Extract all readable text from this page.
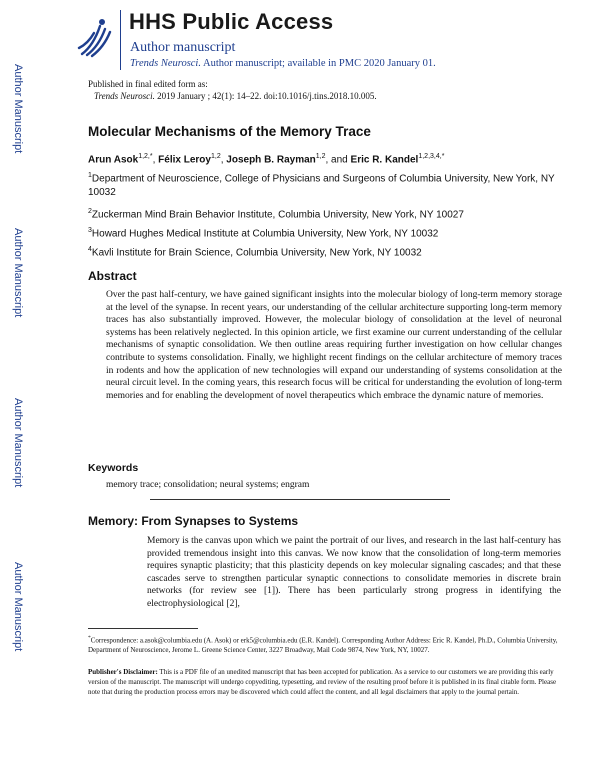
HHS Public Access
Author manuscript
Trends Neurosci. Author manuscript; available in PMC 2020 January 01.
Author Manuscript
Author Manuscript
Author Manuscript
Author Manuscript
Published in final edited form as:
Trends Neurosci. 2019 January ; 42(1): 14–22. doi:10.1016/j.tins.2018.10.005.
Molecular Mechanisms of the Memory Trace
Arun Asok$^{1,2,*}$, Félix Leroy$^{1,2}$, Joseph B. Rayman$^{1,2}$, and Eric R. Kandel$^{1,2,3,4,*}$

$^1$Department of Neuroscience, College of Physicians and Surgeons of Columbia University, New York, NY 10032

$^2$Zuckerman Mind Brain Behavior Institute, Columbia University, New York, NY 10027

$^3$Howard Hughes Medical Institute at Columbia University, New York, NY 10032

$^4$Kavli Institute for Brain Science, Columbia University, New York, NY 10032

Abstract

Over the past half-century, we have gained significant insights into the molecular biology of long-term memory storage at the level of the synapse. In recent years, our understanding of the cellular architecture supporting long-term memory traces has also substantially improved. However, the molecular biology of consolidation at the level of neuronal systems has been relatively neglected. In this opinion article, we first examine our current understanding of the cellular mechanisms of synaptic consolidation. We then outline areas requiring further investigation on how cellular changes contribute to systems consolidation. Finally, we highlight recent findings on the cellular architecture of memory traces in rodents and how the application of new technologies will expand our understanding of systems consolidation at the neural circuit level. In the coming years, this research focus will be critical for understanding the evolution of long-term memories and for enabling the development of novel therapeutics which embrace the dynamic nature of memories.

Keywords

memory trace; consolidation; neural systems; engram

Memory: From Synapses to Systems

Memory is the canvas upon which we paint the portrait of our lives, and research in the last half-century has provided tremendous insight into this canvas. We now know that the consolidation of long-term memories requires synaptic plasticity; that this plasticity depends on key molecular signaling cascades; and that these cascades serve to strengthen particular synaptic connections to consolidate memories in discrete brain networks (for review see [1]). There has been particularly strong progress in identifying the electrophysiological [2],

*Correspondence: a.asok@columbia.edu (A. Asok) or erk5@columbia.edu (E.R. Kandel). Corresponding Author Address: Eric R. Kandel, Ph.D., Columbia University, Department of Neuroscience, Jerome L. Greene Science Center, 3227 Broadway, Mail Code 9874, New York, NY, 10027.

Publisher's Disclaimer: This is a PDF file of an unedited manuscript that has been accepted for publication. As a service to our customers we are providing this early version of the manuscript. The manuscript will undergo copyediting, typesetting, and review of the resulting proof before it is published in its final citable form. Please note that during the production process errors may be discovered which could affect the content, and all legal disclaimers that apply to the journal pertain.
